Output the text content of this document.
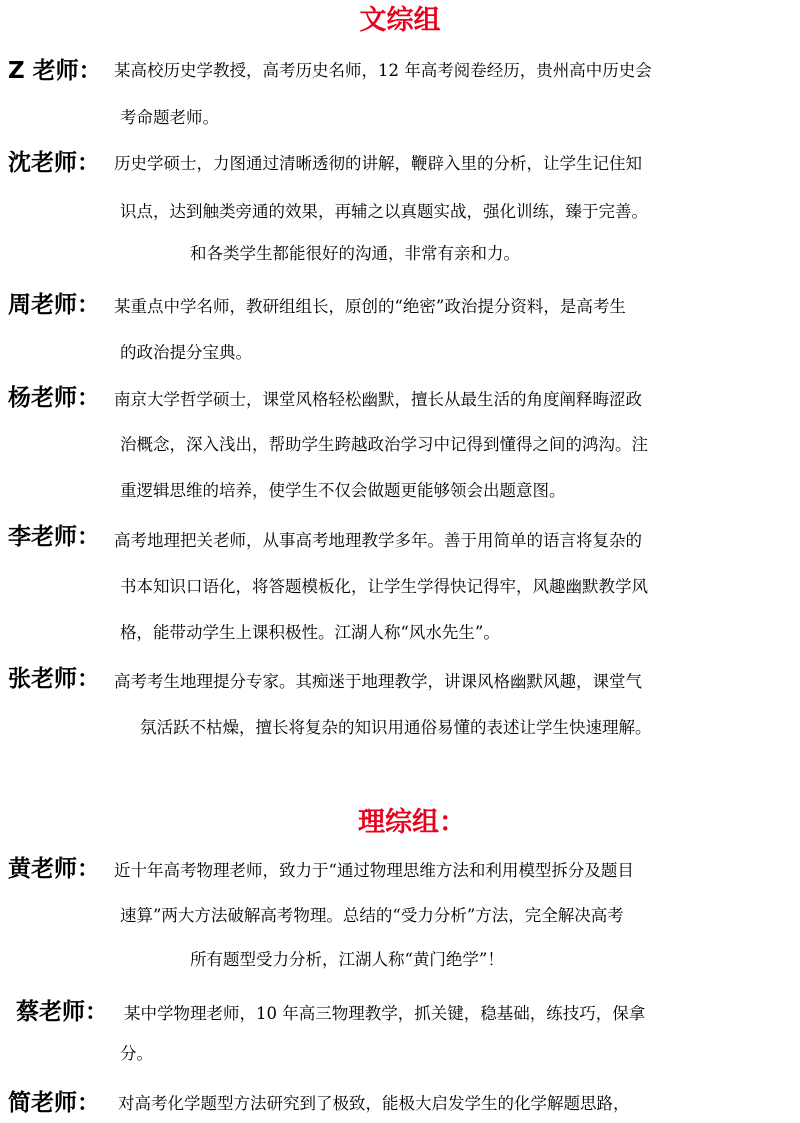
文综组
Z 老师： 某高校历史学教授，高考历史名师，12 年高考阅卷经历，贵州高中历史会
考命题老师。
沈老师： 历史学硕士，力图通过清晰透彻的讲解，鞭辟入里的分析，让学生记住知
识点，达到触类旁通的效果，再辅之以真题实战，强化训练，臻于完善。
和各类学生都能很好的沟通，非常有亲和力。
周老师： 某重点中学名师，教研组组长，原创的“绝密”政治提分资料，是高考生
的政治提分宝典。
杨老师： 南京大学哲学硕士，课堂风格轻松幽默，擅长从最生活的角度阐释晦涩政
治概念，深入浅出，帮助学生跨越政治学习中记得到懂得之间的鸿沟。注
重逻辑思维的培养，使学生不仅会做题更能够领会出题意图。
李老师： 高考地理把关老师，从事高考地理教学多年。善于用简单的语言将复杂的
书本知识口语化，将答题模板化，让学生学得快记得牢，风趣幽默教学风
格，能带动学生上课积极性。江湖人称“风水先生”。
张老师： 高考考生地理提分专家。其痴迷于地理教学，讲课风格幽默风趣，课堂气
氛活跃不枯燥，擅长将复杂的知识用通俗易懂的表述让学生快速理解。
理综组：
黄老师： 近十年高考物理老师，致力于“通过物理思维方法和利用模型拆分及题目
速算”两大方法破解高考物理。总结的“受力分析”方法，完全解决高考
所有题型受力分析，江湖人称“黄门绝学”！
蔡老师： 某中学物理老师，10 年高三物理教学，抓关键，稳基础，练技巧，保拿
分。
简老师： 对高考化学题型方法研究到了极致，能极大启发学生的化学解题思路，
